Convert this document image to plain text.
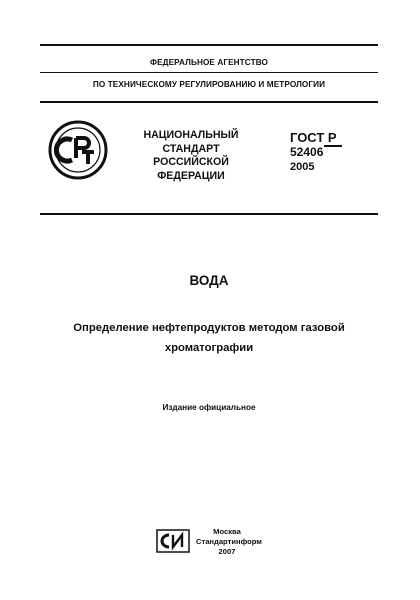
ФЕДЕРАЛЬНОЕ АГЕНТСТВО
ПО ТЕХНИЧЕСКОМУ РЕГУЛИРОВАНИЮ И МЕТРОЛОГИИ
НАЦИОНАЛЬНЫЙ
СТАНДАРТ
РОССИЙСКОЙ
ФЕДЕРАЦИИ
ГОСТ Р
52406
2005
ВОДА
Определение нефтепродуктов методом газовой
хроматографии
Издание официальное
Москва
Стандартинформ
2007
